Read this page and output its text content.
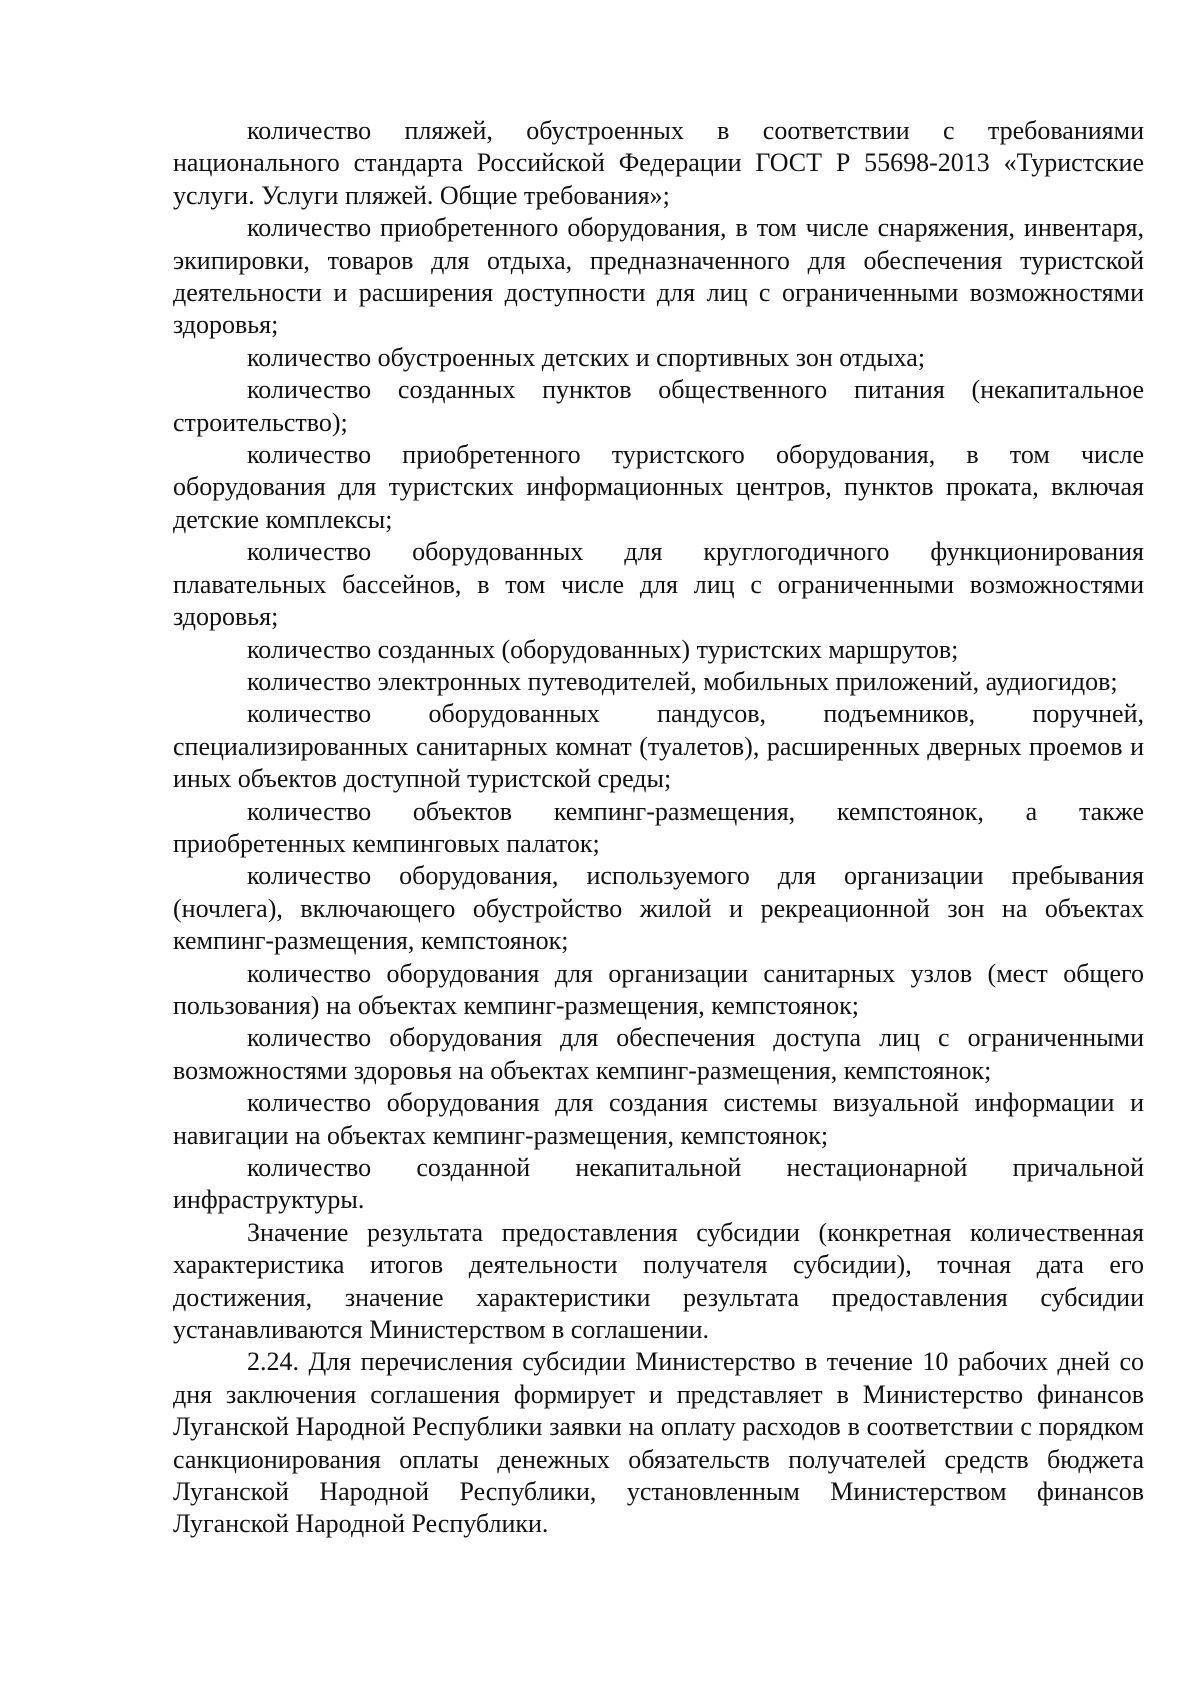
количество пляжей, обустроенных в соответствии с требованиями национального стандарта Российской Федерации ГОСТ Р 55698-2013 «Туристские услуги. Услуги пляжей. Общие требования»;

количество приобретенного оборудования, в том числе снаряжения, инвентаря, экипировки, товаров для отдыха, предназначенного для обеспечения туристской деятельности и расширения доступности для лиц с ограниченными возможностями здоровья;

количество обустроенных детских и спортивных зон отдыха;

количество созданных пунктов общественного питания (некапитальное строительство);

количество приобретенного туристского оборудования, в том числе оборудования для туристских информационных центров, пунктов проката, включая детские комплексы;

количество оборудованных для круглогодичного функционирования плавательных бассейнов, в том числе для лиц с ограниченными возможностями здоровья;

количество созданных (оборудованных) туристских маршрутов;

количество электронных путеводителей, мобильных приложений, аудиогидов;

количество оборудованных пандусов, подъемников, поручней, специализированных санитарных комнат (туалетов), расширенных дверных проемов и иных объектов доступной туристской среды;

количество объектов кемпинг-размещения, кемпстоянок, а также приобретенных кемпинговых палаток;

количество оборудования, используемого для организации пребывания (ночлега), включающего обустройство жилой и рекреационной зон на объектах кемпинг-размещения, кемпстоянок;

количество оборудования для организации санитарных узлов (мест общего пользования) на объектах кемпинг-размещения, кемпстоянок;

количество оборудования для обеспечения доступа лиц с ограниченными возможностями здоровья на объектах кемпинг-размещения, кемпстоянок;

количество оборудования для создания системы визуальной информации и навигации на объектах кемпинг-размещения, кемпстоянок;

количество созданной некапитальной нестационарной причальной инфраструктуры.

Значение результата предоставления субсидии (конкретная количественная характеристика итогов деятельности получателя субсидии), точная дата его достижения, значение характеристики результата предоставления субсидии устанавливаются Министерством в соглашении.

2.24. Для перечисления субсидии Министерство в течение 10 рабочих дней со дня заключения соглашения формирует и представляет в Министерство финансов Луганской Народной Республики заявки на оплату расходов в соответствии с порядком санкционирования оплаты денежных обязательств получателей средств бюджета Луганской Народной Республики, установленным Министерством финансов Луганской Народной Республики.
